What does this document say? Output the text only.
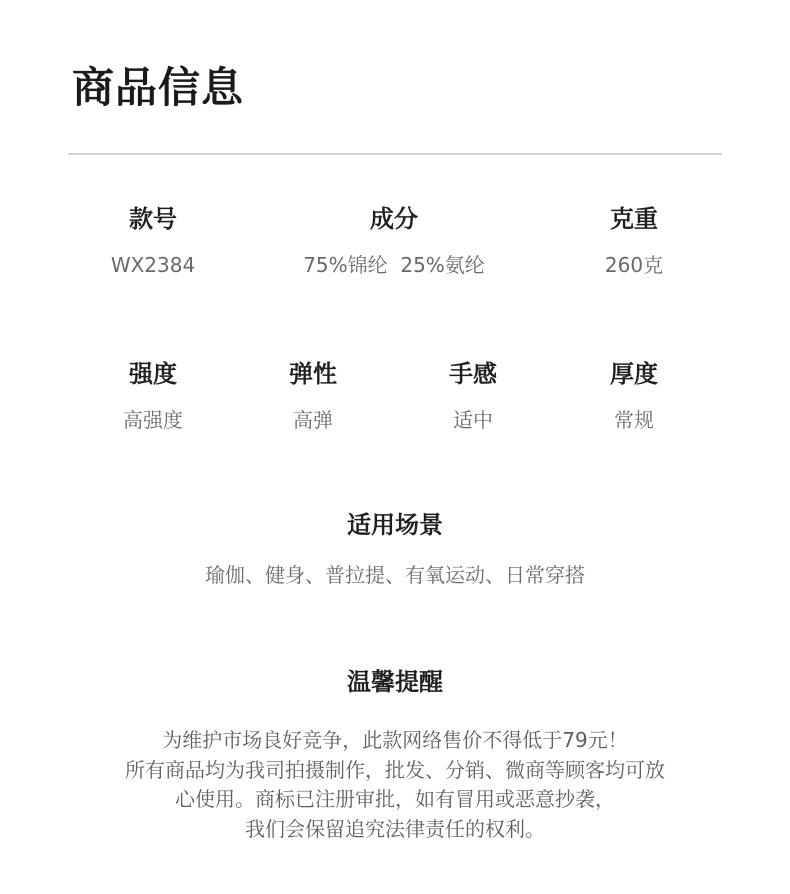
商品信息
款号
WX2384
成分
75%锦纶  25%氨纶
克重
260克
强度
高强度
弹性
高弹
手感
适中
厚度
常规
适用场景
瑜伽、健身、普拉提、有氧运动、日常穿搭
温馨提醒
为维护市场良好竞争，此款网络售价不得低于79元！
所有商品均为我司拍摄制作，批发、分销、微商等顾客均可放
心使用。商标已注册审批，如有冒用或恶意抄袭，
我们会保留追究法律责任的权利。
